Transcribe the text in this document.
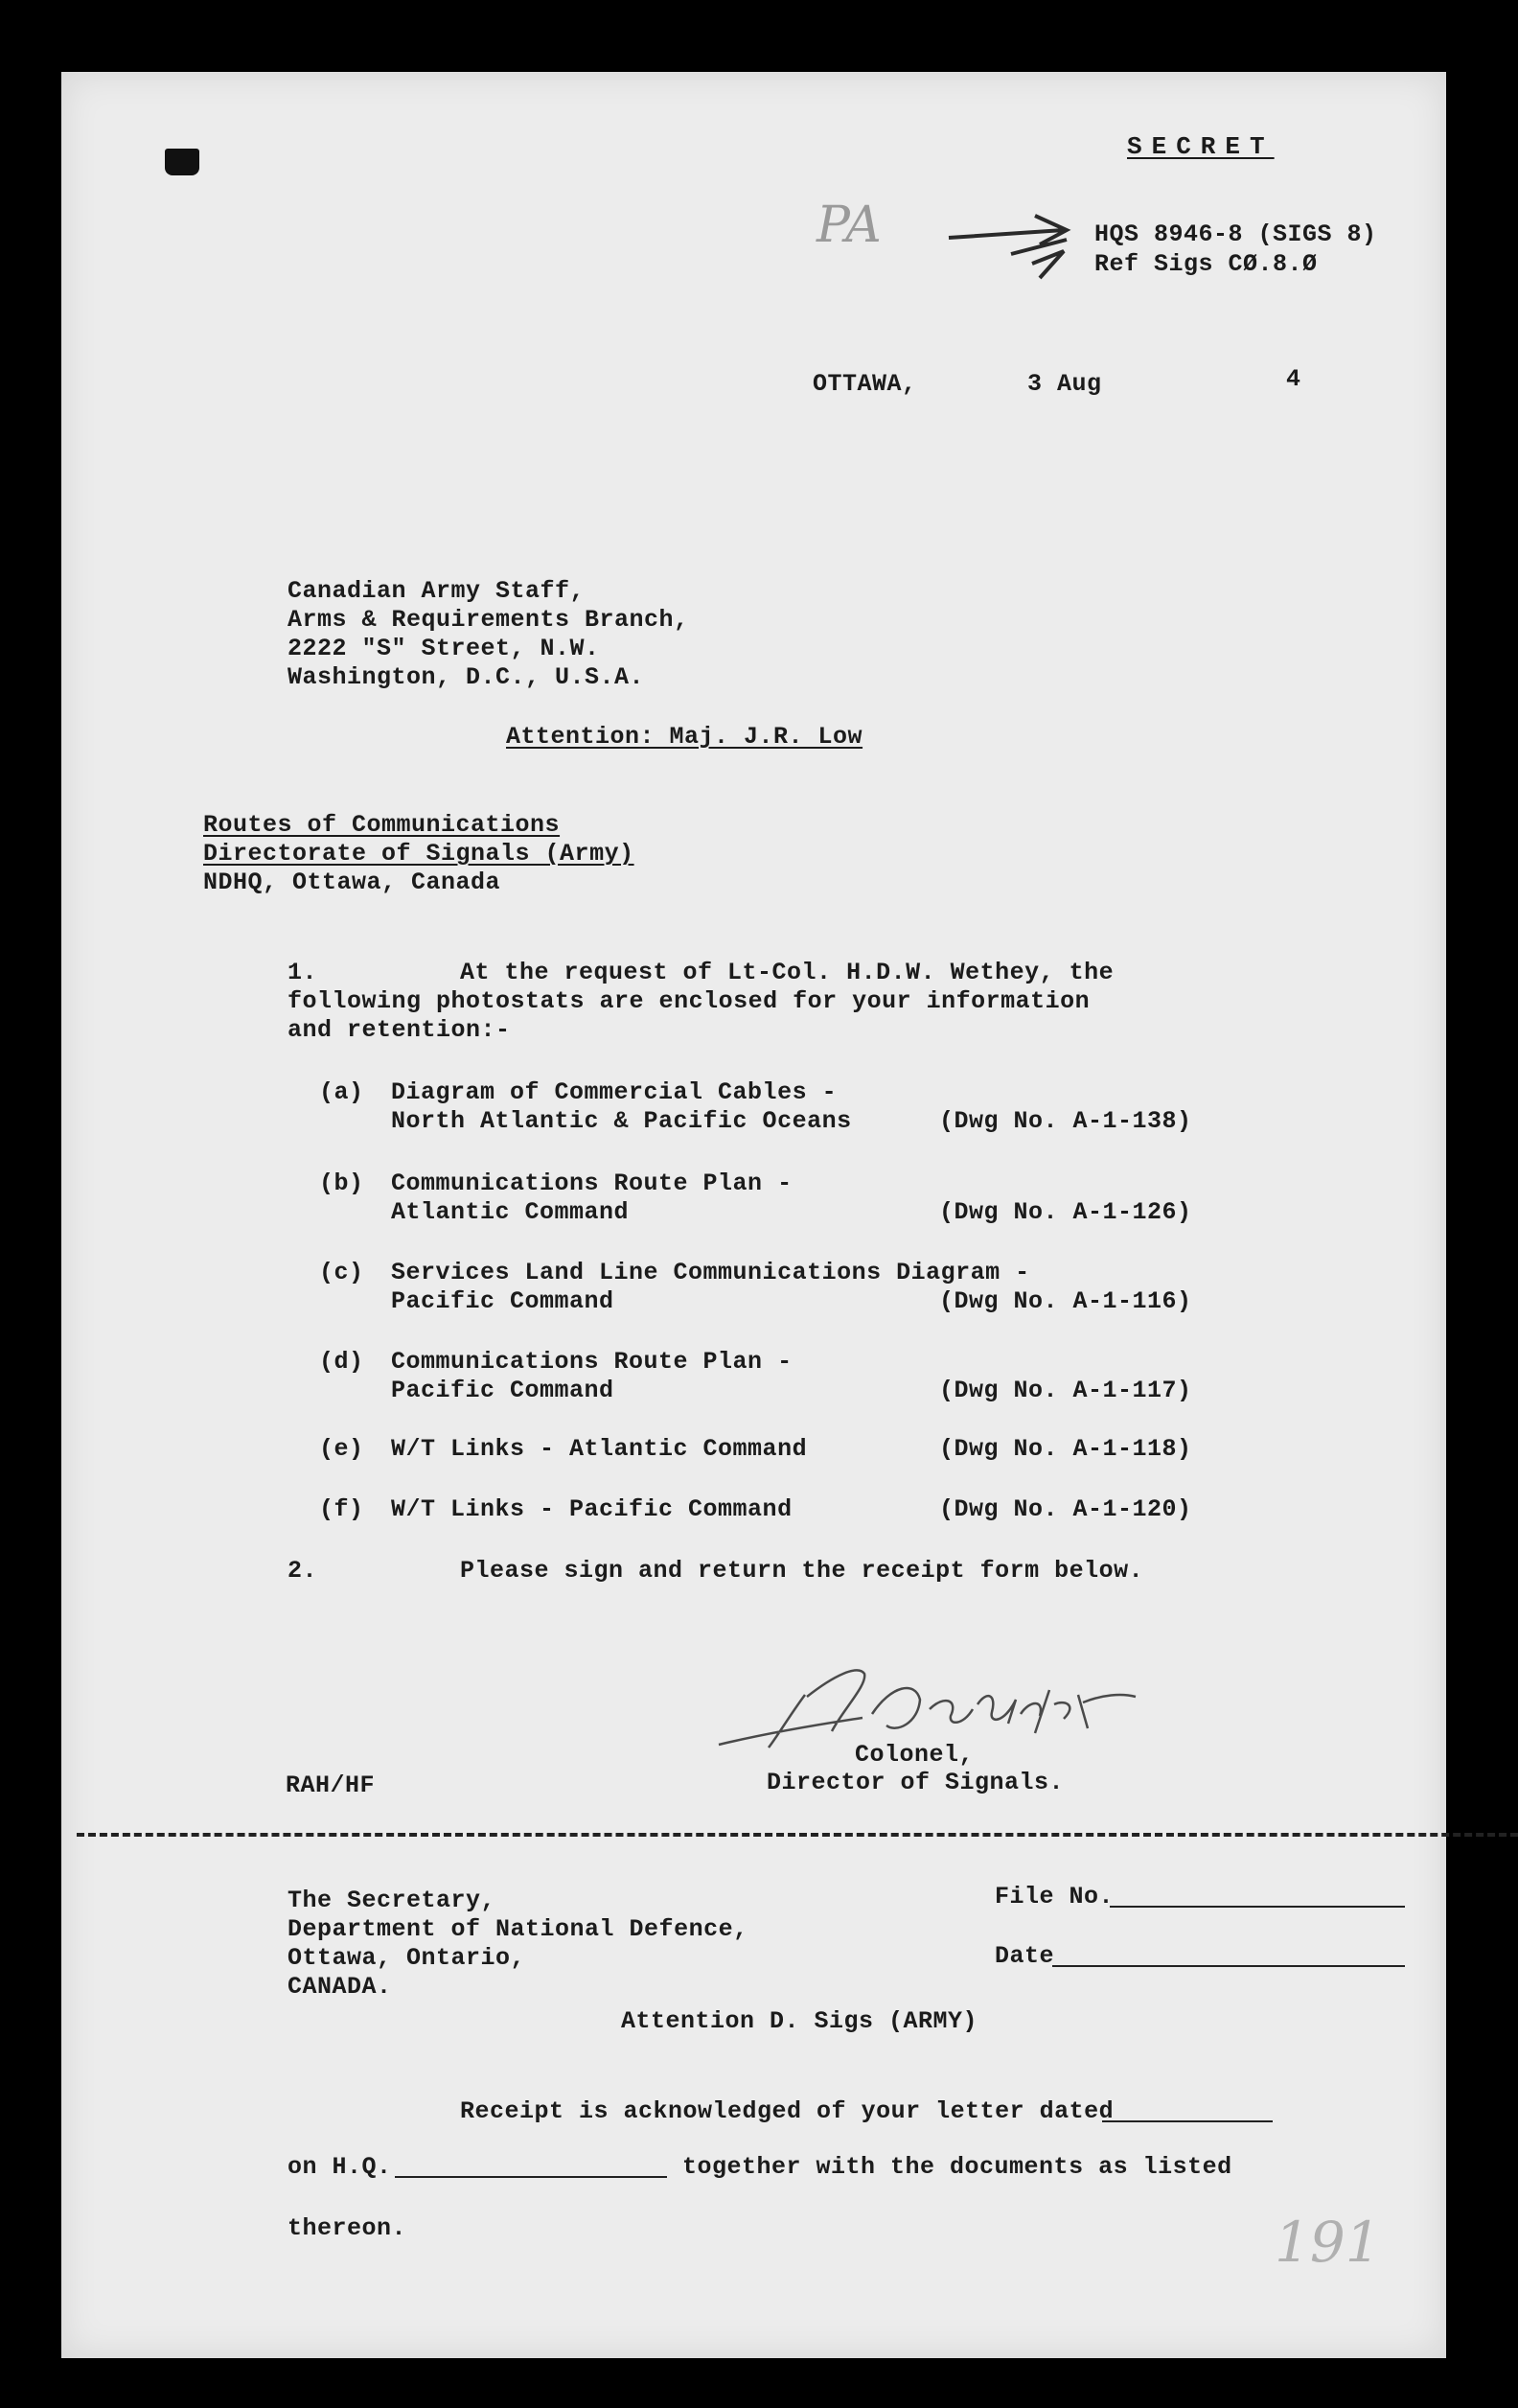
SECRET
PA	HQS 8946-8 (SIGS 8)
Ref Sigs CØ.8.Ø
OTTAWA,	3 Aug	4
Canadian Army Staff,
Arms & Requirements Branch,
2222 "S" Street, N.W.
Washington, D.C., U.S.A.
Attention: Maj. J.R. Low
Routes of Communications
Directorate of Signals (Army)
NDHQ, Ottawa, Canada
1.	At the request of Lt-Col. H.D.W. Wethey, the
following photostats are enclosed for your information
and retention:-
(a) Diagram of Commercial Cables -
North Atlantic & Pacific Oceans	(Dwg No. A-1-138)
(b) Communications Route Plan -
Atlantic Command	(Dwg No. A-1-126)
(c) Services Land Line Communications Diagram -
Pacific Command	(Dwg No. A-1-116)
(d) Communications Route Plan -
Pacific Command	(Dwg No. A-1-117)
(e) W/T Links - Atlantic Command	(Dwg No. A-1-118)
(f) W/T Links - Pacific Command	(Dwg No. A-1-120)
2.	Please sign and return the receipt form below.
Colonel,
Director of Signals.
RAH/HF
The Secretary,
Department of National Defence,
Ottawa, Ontario,
CANADA.
File No.
Date
Attention D. Sigs (ARMY)
Receipt is acknowledged of your letter dated
on H.Q.	together with the documents as listed
thereon.	191
